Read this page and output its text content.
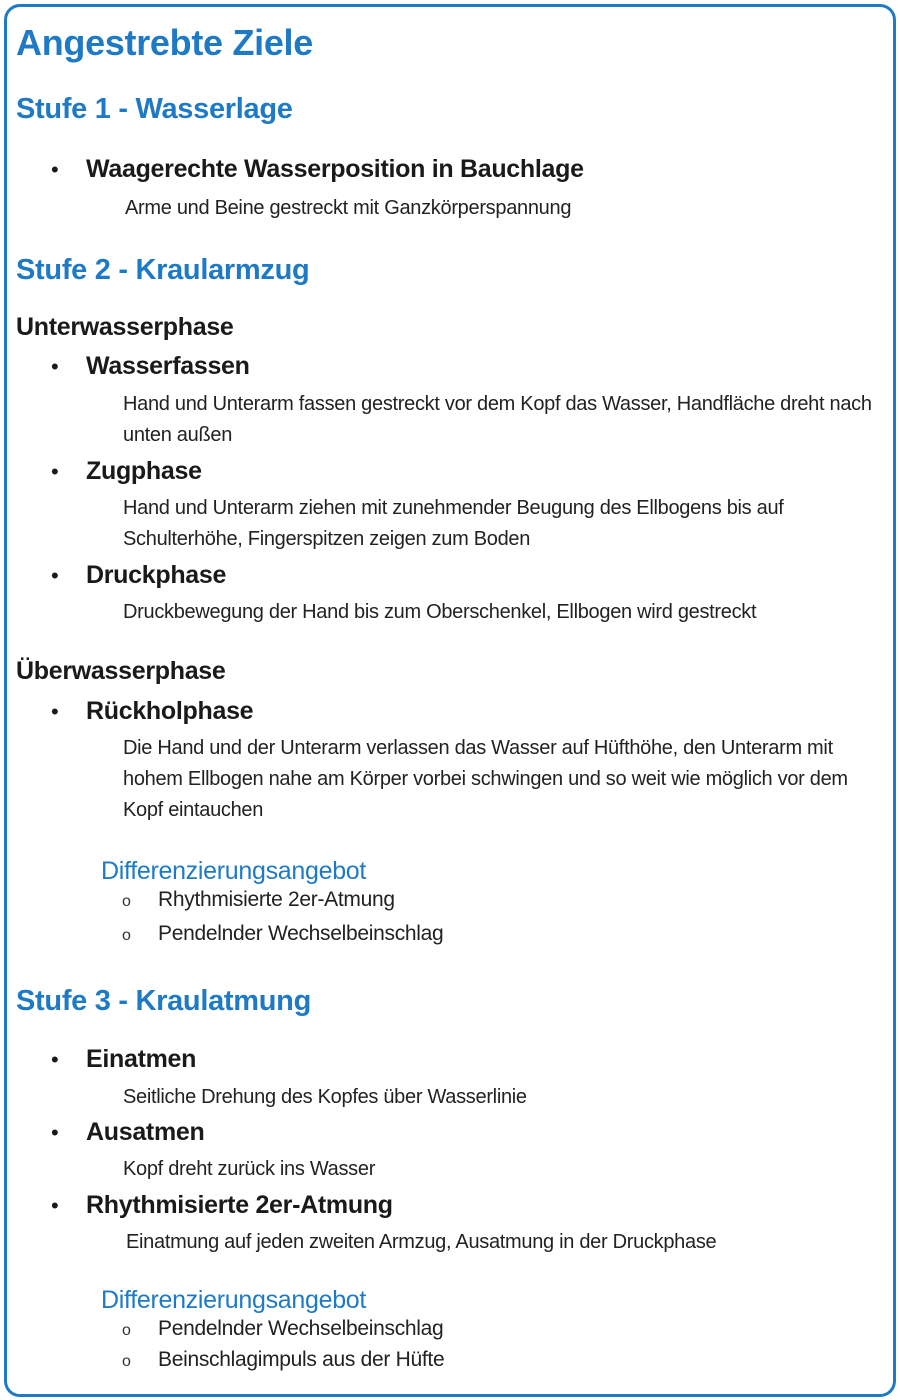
Angestrebte Ziele
Stufe 1 - Wasserlage
• Waagerechte Wasserposition in Bauchlage
Arme und Beine gestreckt mit Ganzkörperspannung
Stufe 2 - Kraularmzug
Unterwasserphase
• Wasserfassen
Hand und Unterarm fassen gestreckt vor dem Kopf das Wasser, Handfläche dreht nach
unten außen
• Zugphase
Hand und Unterarm ziehen mit zunehmender Beugung des Ellbogens bis auf
Schulterhöhe, Fingerspitzen zeigen zum Boden
• Druckphase
Druckbewegung der Hand bis zum Oberschenkel, Ellbogen wird gestreckt
Überwasserphase
• Rückholphase
Die Hand und der Unterarm verlassen das Wasser auf Hüfthöhe, den Unterarm mit
hohem Ellbogen nahe am Körper vorbei schwingen und so weit wie möglich vor dem
Kopf eintauchen
Differenzierungsangebot
o Rhythmisierte 2er-Atmung
o Pendelnder Wechselbeinschlag
Stufe 3 - Kraulatmung
• Einatmen
Seitliche Drehung des Kopfes über Wasserlinie
• Ausatmen
Kopf dreht zurück ins Wasser
• Rhythmisierte 2er-Atmung
Einatmung auf jeden zweiten Armzug, Ausatmung in der Druckphase
Differenzierungsangebot
o Pendelnder Wechselbeinschlag
o Beinschlagimpuls aus der Hüfte
